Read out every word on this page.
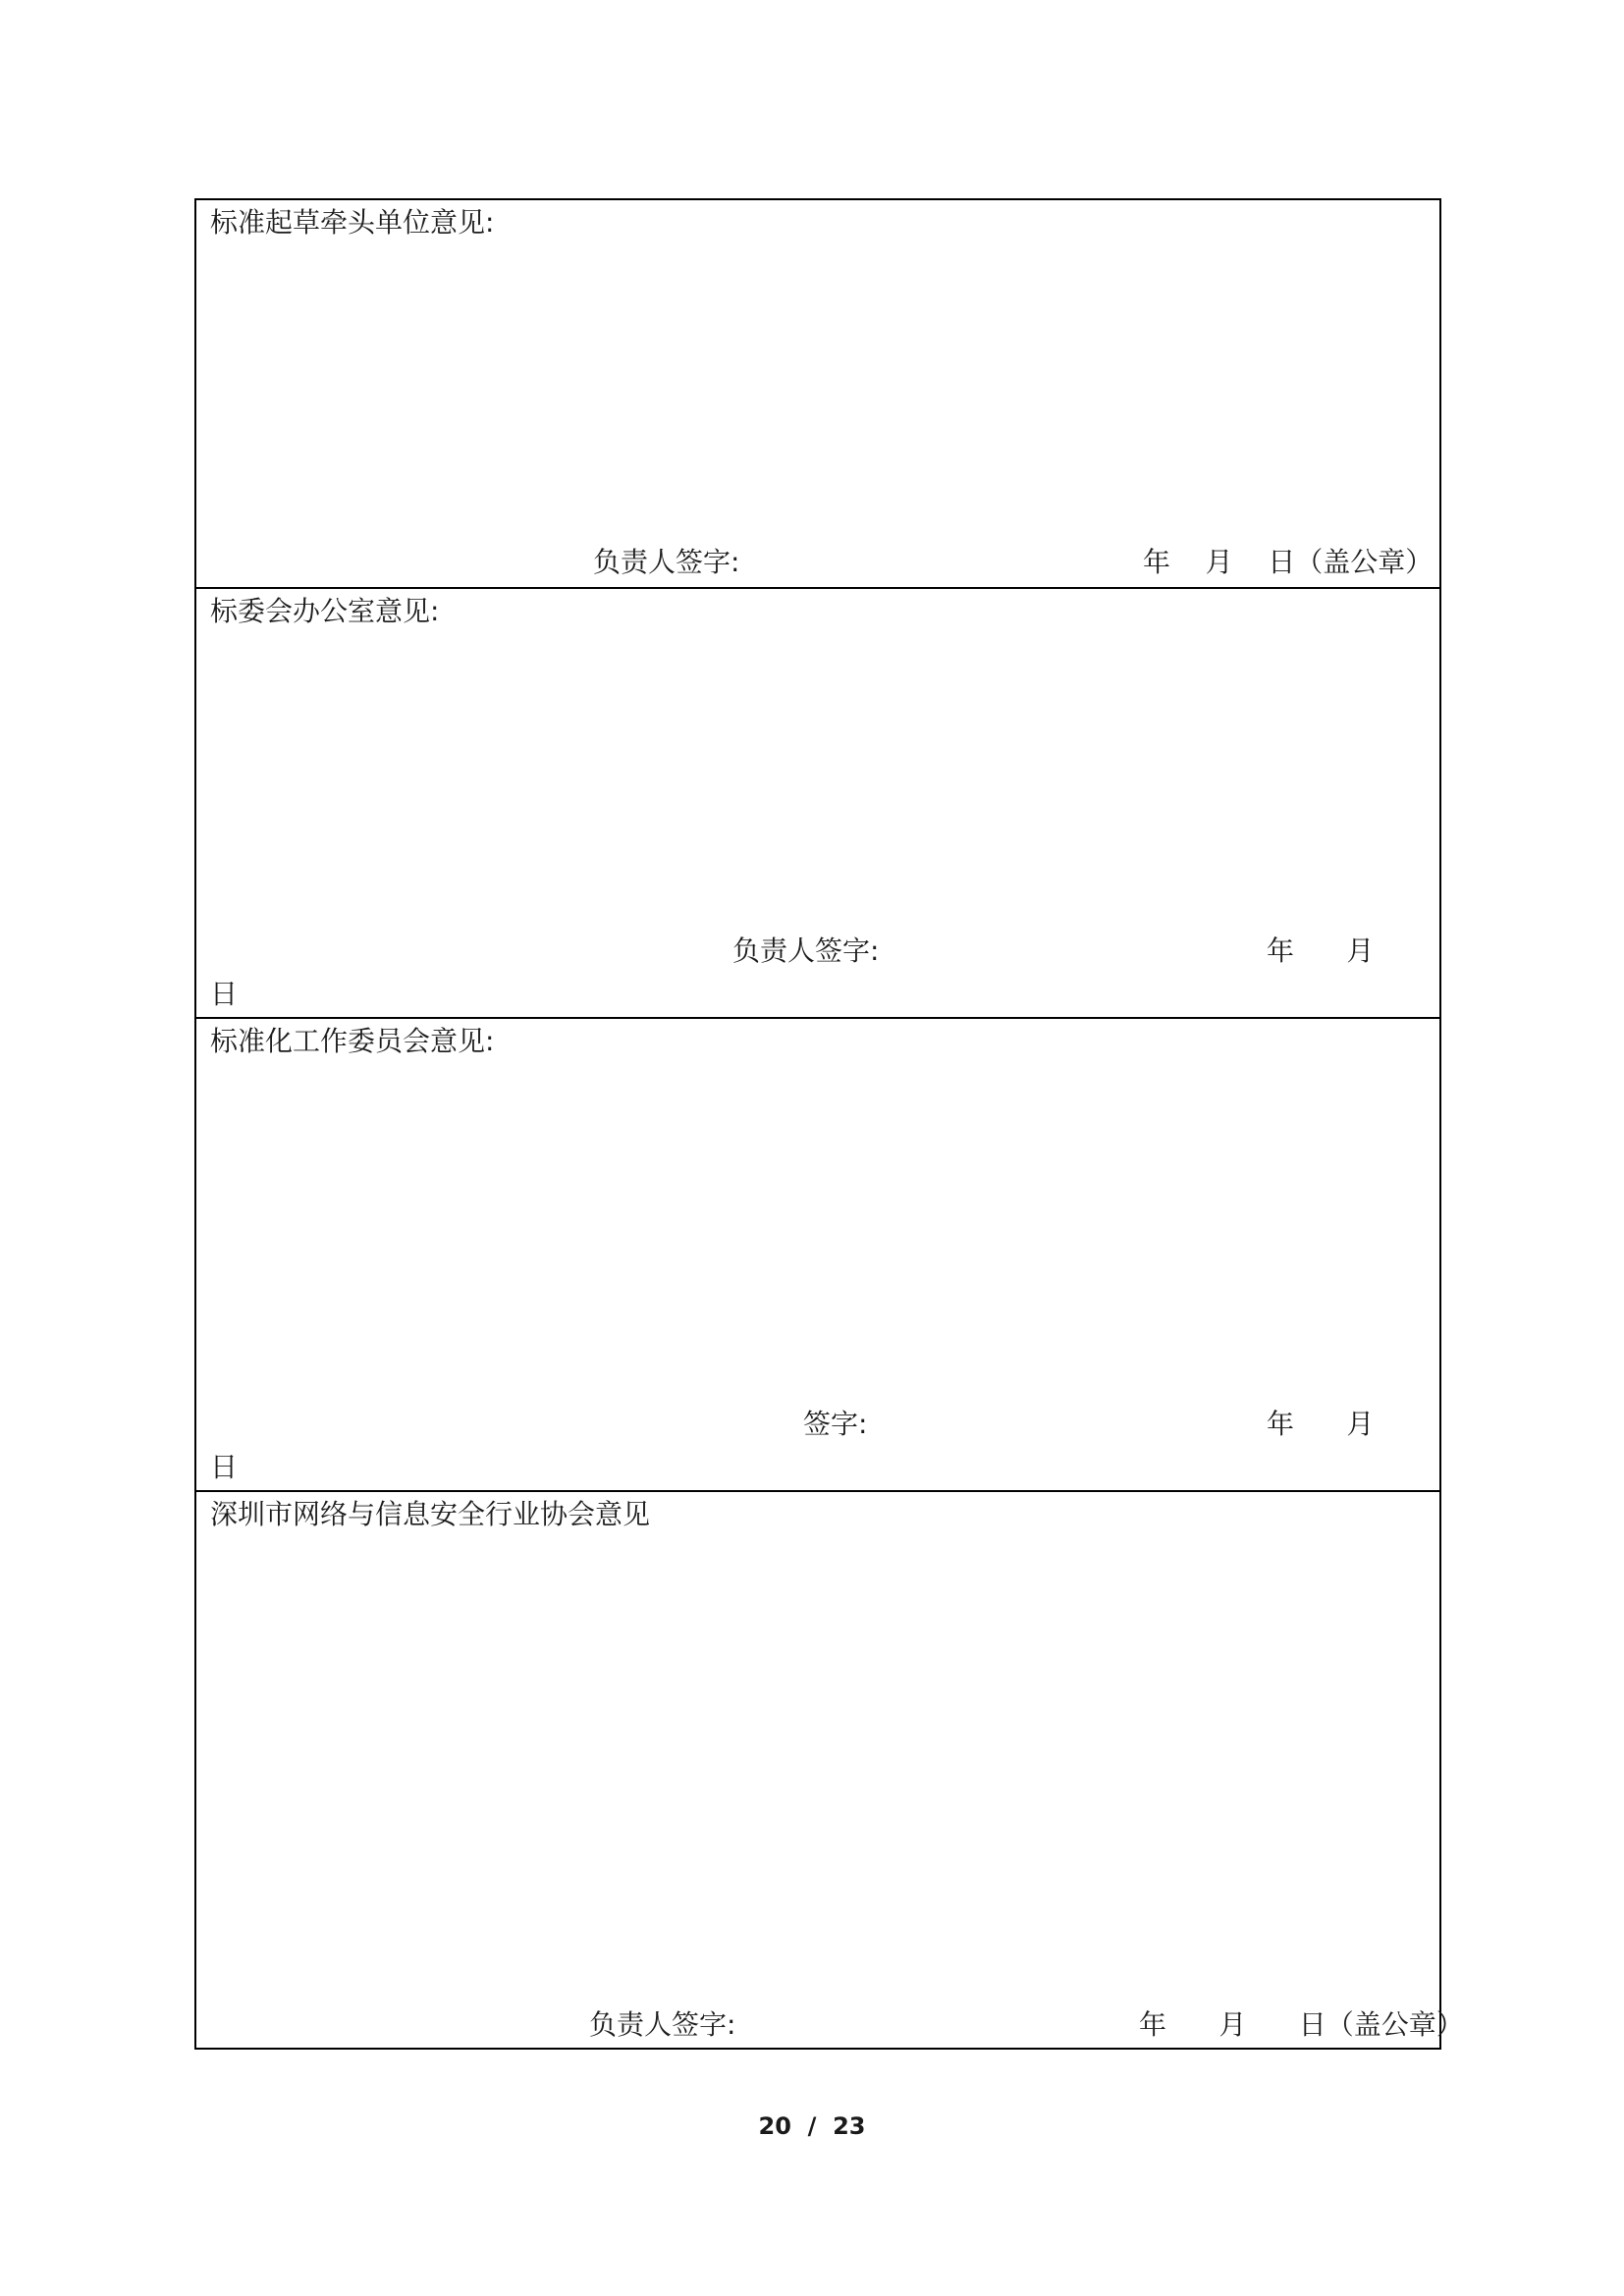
标准起草牵头单位意见:
负责人签字:	年    月    日（盖公章）
标委会办公室意见:
负责人签字:	年      月
日
标准化工作委员会意见:
签字:	年      月
日
深圳市网络与信息安全行业协会意见
负责人签字:	年      月      日（盖公章）
20  /  23
